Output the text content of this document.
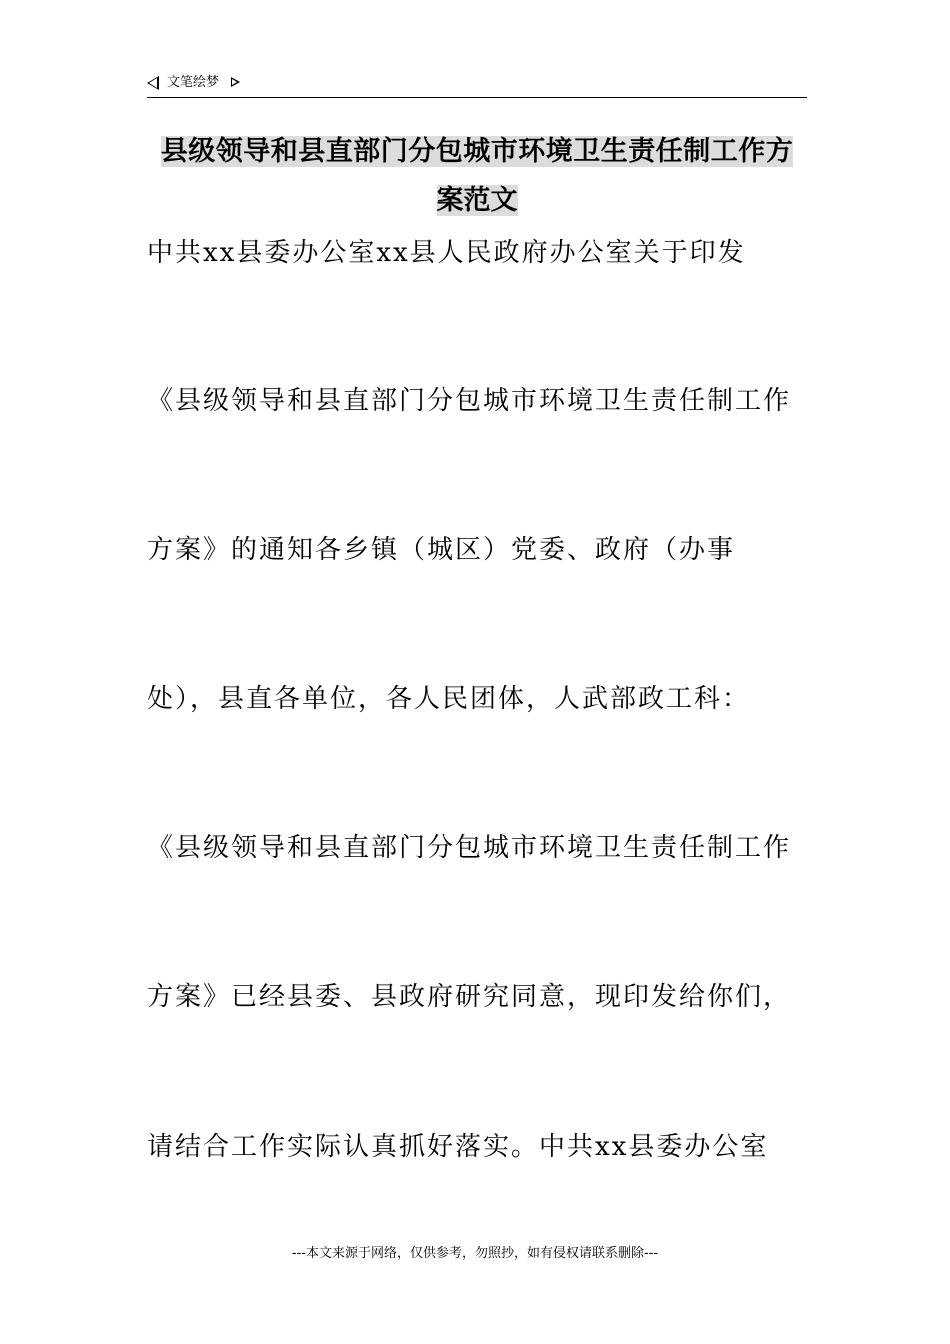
文笔绘梦
县级领导和县直部门分包城市环境卫生责任制工作方
案范文
中共xx县委办公室xx县人民政府办公室关于印发
《县级领导和县直部门分包城市环境卫生责任制工作
方案》的通知各乡镇（城区）党委、政府（办事
处），县直各单位，各人民团体，人武部政工科：
《县级领导和县直部门分包城市环境卫生责任制工作
方案》已经县委、县政府研究同意，现印发给你们，
请结合工作实际认真抓好落实。中共xx县委办公室
---本文来源于网络，仅供参考，勿照抄，如有侵权请联系删除---
